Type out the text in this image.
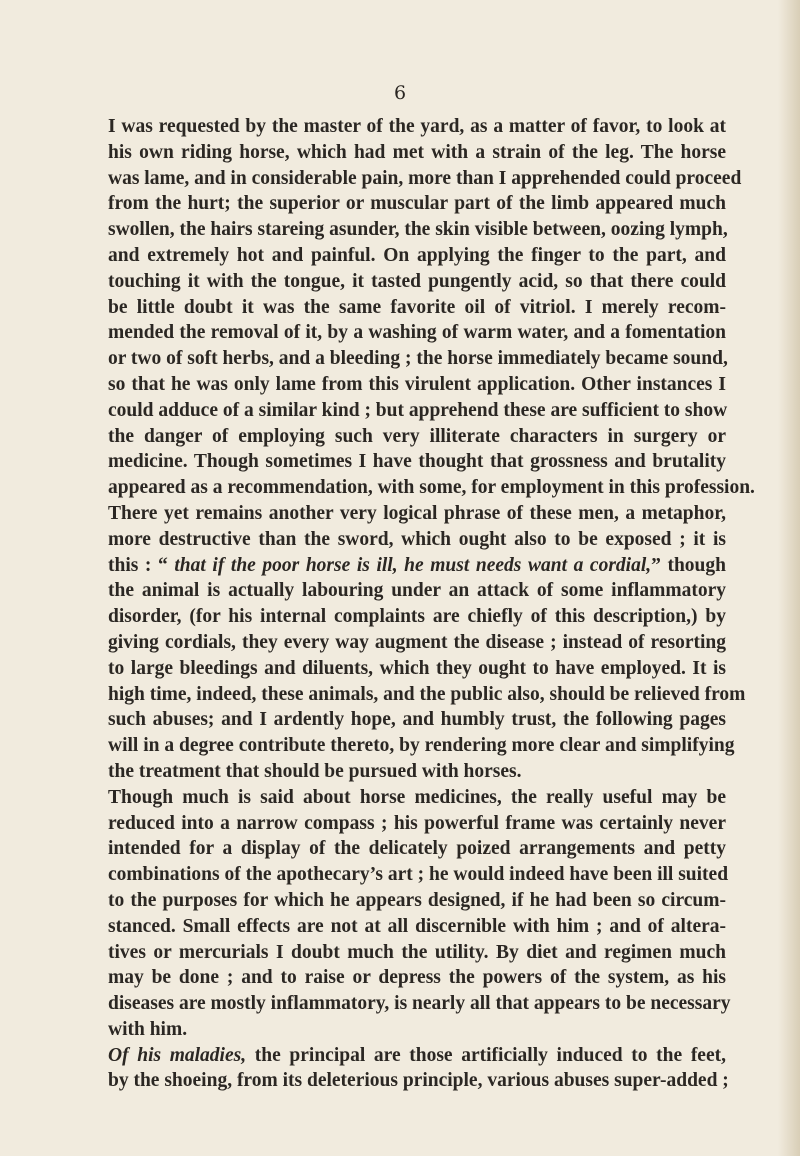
6
I was requested by the master of the yard, as a matter of favor, to look at
his own riding horse, which had met with a strain of the leg. The horse
was lame, and in considerable pain, more than I apprehended could proceed
from the hurt; the superior or muscular part of the limb appeared much
swollen, the hairs stareing asunder, the skin visible between, oozing lymph,
and extremely hot and painful. On applying the finger to the part, and
touching it with the tongue, it tasted pungently acid, so that there could
be little doubt it was the same favorite oil of vitriol. I merely recom-
mended the removal of it, by a washing of warm water, and a fomentation
or two of soft herbs, and a bleeding ; the horse immediately became sound,
so that he was only lame from this virulent application. Other instances I
could adduce of a similar kind ; but apprehend these are sufficient to show
the danger of employing such very illiterate characters in surgery or
medicine. Though sometimes I have thought that grossness and brutality
appeared as a recommendation, with some, for employment in this profession.
There yet remains another very logical phrase of these men, a metaphor,
more destructive than the sword, which ought also to be exposed ; it is
this : “ that if the poor horse is ill, he must needs want a cordial,” though
the animal is actually labouring under an attack of some inflammatory
disorder, (for his internal complaints are chiefly of this description,) by
giving cordials, they every way augment the disease ; instead of resorting
to large bleedings and diluents, which they ought to have employed. It is
high time, indeed, these animals, and the public also, should be relieved from
such abuses; and I ardently hope, and humbly trust, the following pages
will in a degree contribute thereto, by rendering more clear and simplifying
the treatment that should be pursued with horses.
Though much is said about horse medicines, the really useful may be
reduced into a narrow compass ; his powerful frame was certainly never
intended for a display of the delicately poized arrangements and petty
combinations of the apothecary’s art ; he would indeed have been ill suited
to the purposes for which he appears designed, if he had been so circum-
stanced. Small effects are not at all discernible with him ; and of altera-
tives or mercurials I doubt much the utility. By diet and regimen much
may be done ; and to raise or depress the powers of the system, as his
diseases are mostly inflammatory, is nearly all that appears to be necessary
with him.
Of his maladies, the principal are those artificially induced to the feet,
by the shoeing, from its deleterious principle, various abuses super-added ;
